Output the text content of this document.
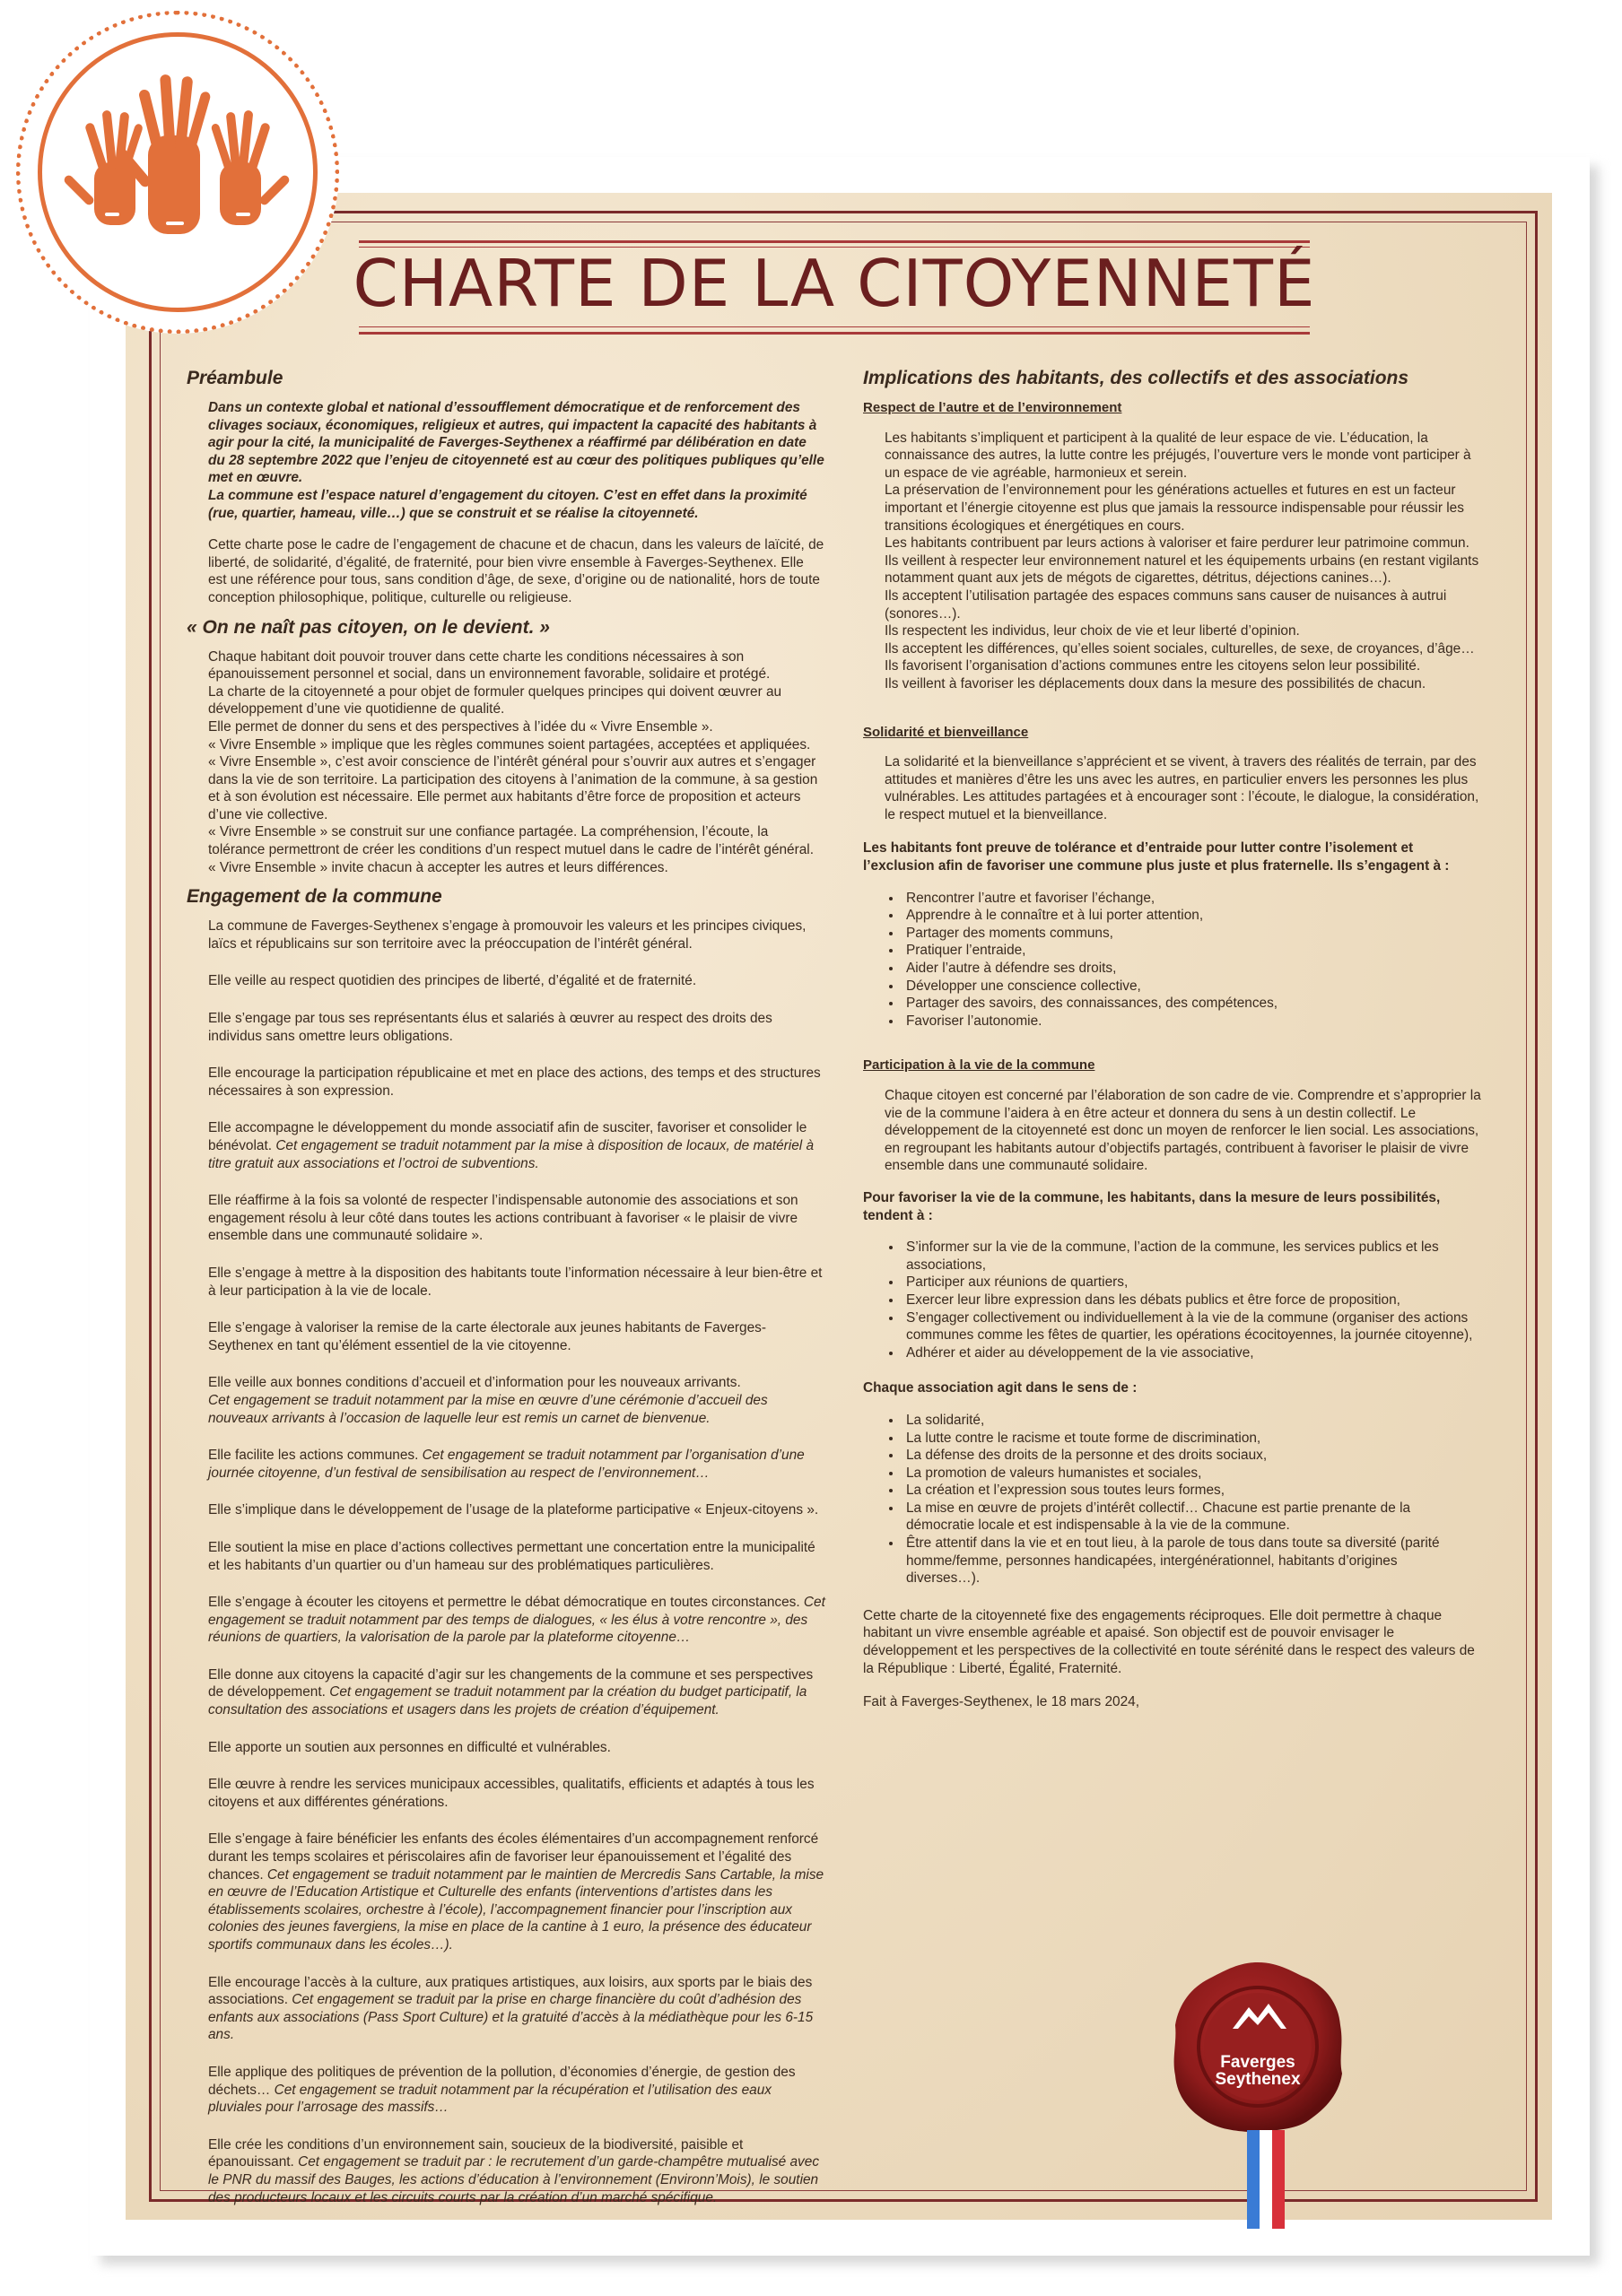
CHARTE DE LA CITOYENNETÉ
Préambule

Dans un contexte global et national d’essoufflement démocratique et de renforcement des clivages sociaux, économiques, religieux et autres, qui impactent la capacité des habitants à agir pour la cité, la municipalité de Faverges-Seythenex a réaffirmé par délibération en date du 28 septembre 2022 que l’enjeu de citoyenneté est au cœur des politiques publiques qu’elle met en œuvre.

La commune est l’espace naturel d’engagement du citoyen. C’est en effet dans la proximité (rue, quartier, hameau, ville…) que se construit et se réalise la citoyenneté.

Cette charte pose le cadre de l’engagement de chacune et de chacun, dans les valeurs de laïcité, de liberté, de solidarité, d’égalité, de fraternité, pour bien vivre ensemble à Faverges-Seythenex. Elle est une référence pour tous, sans condition d’âge, de sexe, d’origine ou de nationalité, hors de toute conception philosophique, politique, culturelle ou religieuse.

« On ne naît pas citoyen, on le devient. »
Chaque habitant doit pouvoir trouver dans cette charte les conditions nécessaires à son épanouissement personnel et social, dans un environnement favorable, solidaire et protégé.
La charte de la citoyenneté a pour objet de formuler quelques principes qui doivent œuvrer au développement d’une vie quotidienne de qualité.
Elle permet de donner du sens et des perspectives à l’idée du « Vivre Ensemble ».
« Vivre Ensemble » implique que les règles communes soient partagées, acceptées et appliquées.
« Vivre Ensemble », c’est avoir conscience de l’intérêt général pour s’ouvrir aux autres et s’engager dans la vie de son territoire. La participation des citoyens à l’animation de la commune, à sa gestion et à son évolution est nécessaire. Elle permet aux habitants d’être force de proposition et acteurs d’une vie collective.
« Vivre Ensemble » se construit sur une confiance partagée. La compréhension, l’écoute, la tolérance permettront de créer les conditions d’un respect mutuel dans le cadre de l’intérêt général.
« Vivre Ensemble » invite chacun à accepter les autres et leurs différences.
Engagement de la commune

La commune de Faverges-Seythenex s’engage à promouvoir les valeurs et les principes civiques, laïcs et républicains sur son territoire avec la préoccupation de l’intérêt général.

Elle veille au respect quotidien des principes de liberté, d’égalité et de fraternité.

Elle s’engage par tous ses représentants élus et salariés à œuvrer au respect des droits des individus sans omettre leurs obligations.

Elle encourage la participation républicaine et met en place des actions, des temps et des structures nécessaires à son expression.

Elle accompagne le développement du monde associatif afin de susciter, favoriser et consolider le bénévolat. Cet engagement se traduit notamment par la mise à disposition de locaux, de matériel à titre gratuit aux associations et l’octroi de subventions.

Elle réaffirme à la fois sa volonté de respecter l’indispensable autonomie des associations et son engagement résolu à leur côté dans toutes les actions contribuant à favoriser « le plaisir de vivre ensemble dans une communauté solidaire ».

Elle s’engage à mettre à la disposition des habitants toute l’information nécessaire à leur bien-être et à leur participation à la vie de locale.

Elle s’engage à valoriser la remise de la carte électorale aux jeunes habitants de Faverges-Seythenex en tant qu’élément essentiel de la vie citoyenne.

Elle veille aux bonnes conditions d’accueil et d’information pour les nouveaux arrivants.
Cet engagement se traduit notamment par la mise en œuvre d’une cérémonie d’accueil des nouveaux arrivants à l’occasion de laquelle leur est remis un carnet de bienvenue.

Elle facilite les actions communes. Cet engagement se traduit notamment par l’organisation d’une journée citoyenne, d’un festival de sensibilisation au respect de l’environnement…

Elle s’implique dans le développement de l’usage de la plateforme participative « Enjeux-citoyens ».

Elle soutient la mise en place d’actions collectives permettant une concertation entre la municipalité et les habitants d’un quartier ou d’un hameau sur des problématiques particulières.

Elle s’engage à écouter les citoyens et permettre le débat démocratique en toutes circonstances. Cet engagement se traduit notamment par des temps de dialogues, « les élus à votre rencontre », des réunions de quartiers, la valorisation de la parole par la plateforme citoyenne…

Elle donne aux citoyens la capacité d’agir sur les changements de la commune et ses perspectives de développement. Cet engagement se traduit notamment par la création du budget participatif, la consultation des associations et usagers dans les projets de création d’équipement.

Elle apporte un soutien aux personnes en difficulté et vulnérables.

Elle œuvre à rendre les services municipaux accessibles, qualitatifs, efficients et adaptés à tous les citoyens et aux différentes générations.

Elle s’engage à faire bénéficier les enfants des écoles élémentaires d’un accompagnement renforcé durant les temps scolaires et périscolaires afin de favoriser leur épanouissement et l’égalité des chances. Cet engagement se traduit notamment par le maintien de Mercredis Sans Cartable, la mise en œuvre de l’Education Artistique et Culturelle des enfants (interventions d’artistes dans les établissements scolaires, orchestre à l’école), l’accompagnement financier pour l’inscription aux colonies des jeunes favergiens, la mise en place de la cantine à 1 euro, la présence des éducateur sportifs communaux dans les écoles…).

Elle encourage l’accès à la culture, aux pratiques artistiques, aux loisirs, aux sports par le biais des associations. Cet engagement se traduit par la prise en charge financière du coût d’adhésion des enfants aux associations (Pass Sport Culture) et la gratuité d’accès à la médiathèque pour les 6-15 ans.

Elle applique des politiques de prévention de la pollution, d’économies d’énergie, de gestion des déchets… Cet engagement se traduit notamment par la récupération et l’utilisation des eaux pluviales pour l’arrosage des massifs…

Elle crée les conditions d’un environnement sain, soucieux de la biodiversité, paisible et épanouissant. Cet engagement se traduit par : le recrutement d’un garde-champêtre mutualisé avec le PNR du massif des Bauges, les actions d’éducation à l’environnement (Environn’Mois), le soutien des producteurs locaux et les circuits courts par la création d’un marché spécifique.

Implications des habitants, des collectifs et des associations
Respect de l’autre et de l’environnement
Les habitants s’impliquent et participent à la qualité de leur espace de vie. L’éducation, la connaissance des autres, la lutte contre les préjugés, l’ouverture vers le monde vont participer à un espace de vie agréable, harmonieux et serein.
La préservation de l’environnement pour les générations actuelles et futures en est un facteur important et l’énergie citoyenne est plus que jamais la ressource indispensable pour réussir les transitions écologiques et énergétiques en cours.
Les habitants contribuent par leurs actions à valoriser et faire perdurer leur patrimoine commun.
Ils veillent à respecter leur environnement naturel et les équipements urbains (en restant vigilants notamment quant aux jets de mégots de cigarettes, détritus, déjections canines…).
Ils acceptent l’utilisation partagée des espaces communs sans causer de nuisances à autrui (sonores…).
Ils respectent les individus, leur choix de vie et leur liberté d’opinion.
Ils acceptent les différences, qu’elles soient sociales, culturelles, de sexe, de croyances, d’âge…
Ils favorisent l’organisation d’actions communes entre les citoyens selon leur possibilité.
Ils veillent à favoriser les déplacements doux dans la mesure des possibilités de chacun.
Solidarité et bienveillance

La solidarité et la bienveillance s’apprécient et se vivent, à travers des réalités de terrain, par des attitudes et manières d’être les uns avec les autres, en particulier envers les personnes les plus vulnérables. Les attitudes partagées et à encourager sont : l’écoute, le dialogue, la considération, le respect mutuel et la bienveillance.

Les habitants font preuve de tolérance et d’entraide pour lutter contre l’isolement et l’exclusion afin de favoriser une commune plus juste et plus fraternelle. Ils s’engagent à :

• Rencontrer l’autre et favoriser l’échange,
• Apprendre à le connaître et à lui porter attention,
• Partager des moments communs,
• Pratiquer l’entraide,
• Aider l’autre à défendre ses droits,
• Développer une conscience collective,
• Partager des savoirs, des connaissances, des compétences,
• Favoriser l’autonomie.
Participation à la vie de la commune

Chaque citoyen est concerné par l’élaboration de son cadre de vie. Comprendre et s’approprier la vie de la commune l’aidera à en être acteur et donnera du sens à un destin collectif. Le développement de la citoyenneté est donc un moyen de renforcer le lien social. Les associations, en regroupant les habitants autour d’objectifs partagés, contribuent à favoriser le plaisir de vivre ensemble dans une communauté solidaire.

Pour favoriser la vie de la commune, les habitants, dans la mesure de leurs possibilités, tendent à :

• S’informer sur la vie de la commune, l’action de la commune, les services publics et les associations,
• Participer aux réunions de quartiers,
• Exercer leur libre expression dans les débats publics et être force de proposition,
• S’engager collectivement ou individuellement à la vie de la commune (organiser des actions communes comme les fêtes de quartier, les opérations écocitoyennes, la journée citoyenne),
• Adhérer et aider au développement de la vie associative,

Chaque association agit dans le sens de :

• La solidarité,
• La lutte contre le racisme et toute forme de discrimination,
• La défense des droits de la personne et des droits sociaux,
• La promotion de valeurs humanistes et sociales,
• La création et l’expression sous toutes leurs formes,
• La mise en œuvre de projets d’intérêt collectif… Chacune est partie prenante de la démocratie locale et est indispensable à la vie de la commune.
• Être attentif dans la vie et en tout lieu, à la parole de tous dans toute sa diversité (parité homme/femme, personnes handicapées, intergénérationnel, habitants d’origines diverses…).

Cette charte de la citoyenneté fixe des engagements réciproques. Elle doit permettre à chaque habitant un vivre ensemble agréable et apaisé. Son objectif est de pouvoir envisager le développement et les perspectives de la collectivité en toute sérénité dans le respect des valeurs de la République : Liberté, Égalité, Fraternité.

Fait à Faverges-Seythenex, le 18 mars 2024,

Faverges
Seythenex
